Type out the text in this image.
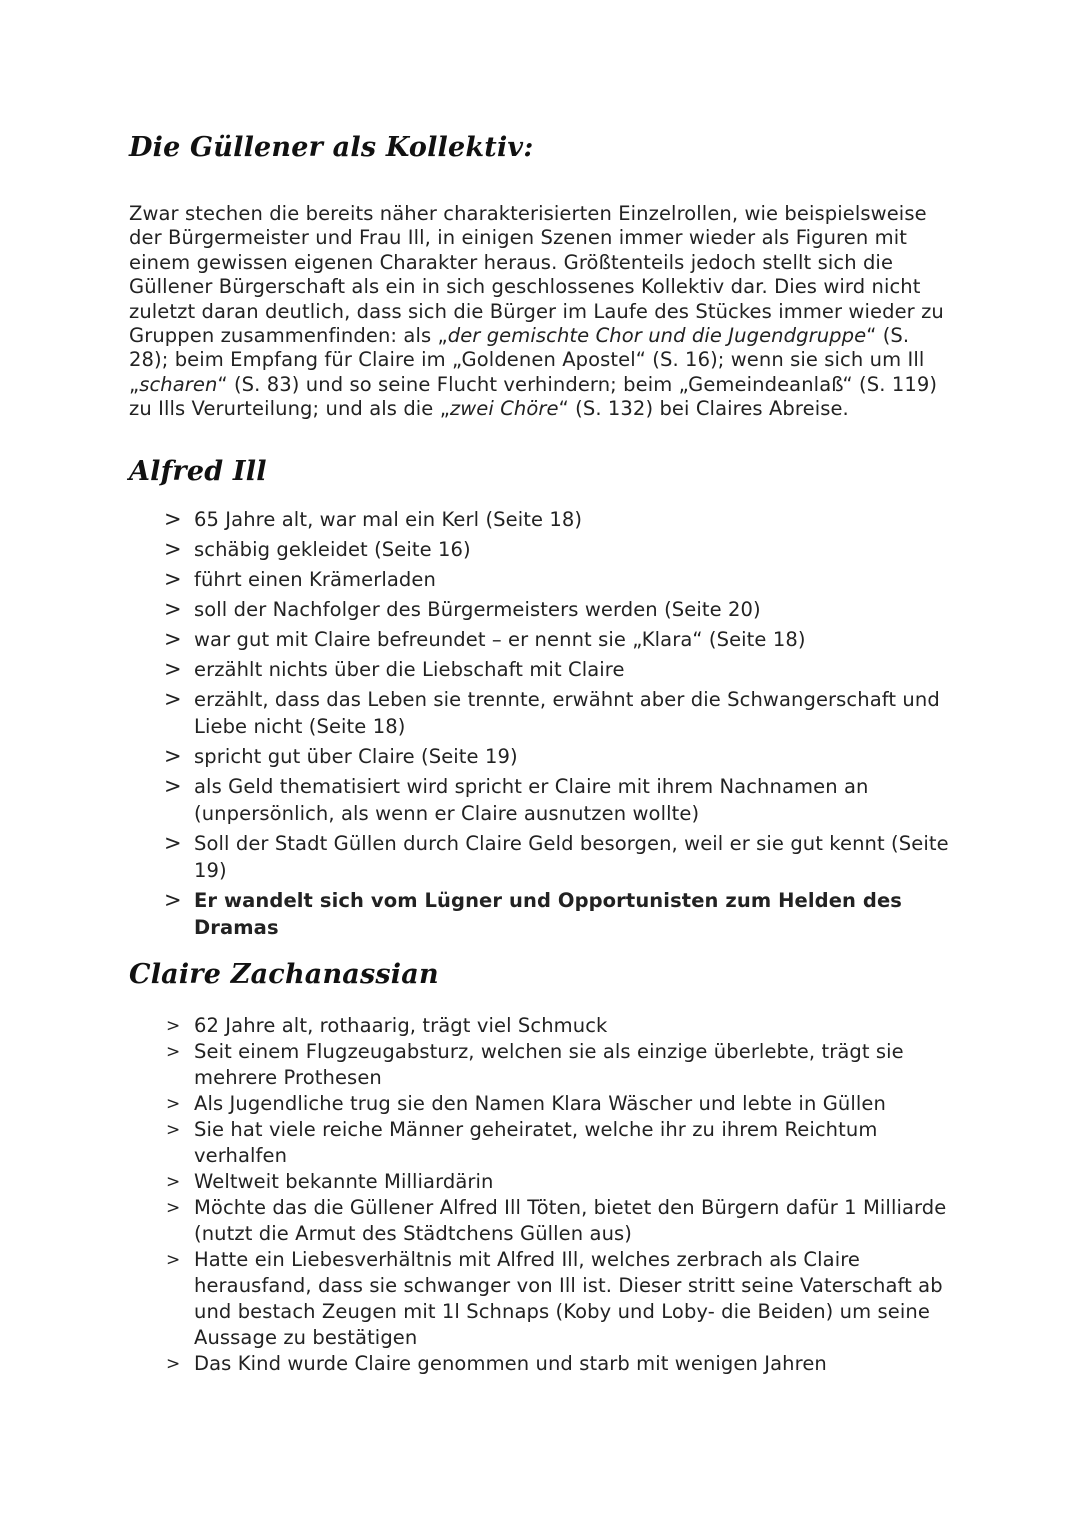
Die Güllener als Kollektiv:

Zwar stechen die bereits näher charakterisierten Einzelrollen, wie beispielsweise der Bürgermeister und Frau Ill, in einigen Szenen immer wieder als Figuren mit einem gewissen eigenen Charakter heraus. Größtenteils jedoch stellt sich die Güllener Bürgerschaft als ein in sich geschlossenes Kollektiv dar. Dies wird nicht zuletzt daran deutlich, dass sich die Bürger im Laufe des Stückes immer wieder zu Gruppen zusammenfinden: als „der gemischte Chor und die Jugendgruppe“ (S. 28); beim Empfang für Claire im „Goldenen Apostel“ (S. 16); wenn sie sich um Ill „scharen“ (S. 83) und so seine Flucht verhindern; beim „Gemeindeanlaß“ (S. 119) zu Ills Verurteilung; und als die „zwei Chöre“ (S. 132) bei Claires Abreise.

Alfred Ill
> 65 Jahre alt, war mal ein Kerl (Seite 18)
> schäbig gekleidet (Seite 16)
> führt einen Krämerladen
> soll der Nachfolger des Bürgermeisters werden (Seite 20)
> war gut mit Claire befreundet – er nennt sie „Klara“ (Seite 18)
> erzählt nichts über die Liebschaft mit Claire
> erzählt, dass das Leben sie trennte, erwähnt aber die Schwangerschaft und Liebe nicht (Seite 18)
> spricht gut über Claire (Seite 19)
> als Geld thematisiert wird spricht er Claire mit ihrem Nachnamen an (unpersönlich, als wenn er Claire ausnutzen wollte)
> Soll der Stadt Güllen durch Claire Geld besorgen, weil er sie gut kennt (Seite 19)
> Er wandelt sich vom Lügner und Opportunisten zum Helden des Dramas
Claire Zachanassian
> 62 Jahre alt, rothaarig, trägt viel Schmuck
> Seit einem Flugzeugabsturz, welchen sie als einzige überlebte, trägt sie mehrere Prothesen
> Als Jugendliche trug sie den Namen Klara Wäscher und lebte in Güllen
> Sie hat viele reiche Männer geheiratet, welche ihr zu ihrem Reichtum verhalfen
> Weltweit bekannte Milliardärin
> Möchte das die Güllener Alfred Ill Töten, bietet den Bürgern dafür 1 Milliarde (nutzt die Armut des Städtchens Güllen aus)
> Hatte ein Liebesverhältnis mit Alfred Ill, welches zerbrach als Claire herausfand, dass sie schwanger von Ill ist. Dieser stritt seine Vaterschaft ab und bestach Zeugen mit 1l Schnaps (Koby und Loby- die Beiden) um seine Aussage zu bestätigen
> Das Kind wurde Claire genommen und starb mit wenigen Jahren
